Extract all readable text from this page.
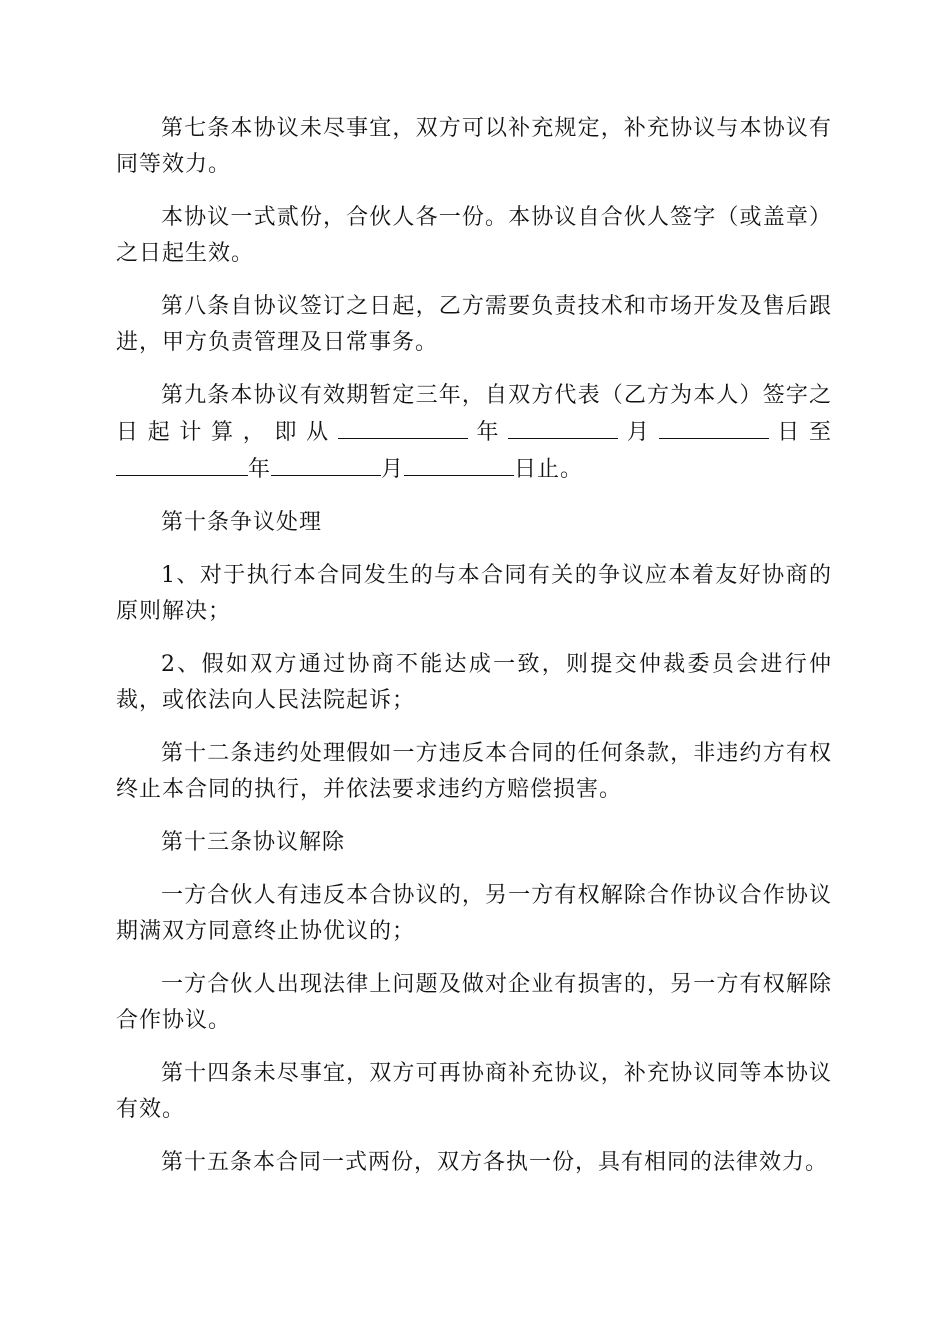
第七条本协议未尽事宜，双方可以补充规定，补充协议与本协议有同等效力。

本协议一式贰份，合伙人各一份。本协议自合伙人签字（或盖章）之日起生效。

第八条自协议签订之日起，乙方需要负责技术和市场开发及售后跟进，甲方负责管理及日常事务。

第九条本协议有效期暂定三年，自双方代表（乙方为本人）签字之日起计算，即从	年	月	日至年	月	日止。

第十条争议处理

1、对于执行本合同发生的与本合同有关的争议应本着友好协商的原则解决；

2、假如双方通过协商不能达成一致，则提交仲裁委员会进行仲裁，或依法向人民法院起诉；

第十二条违约处理假如一方违反本合同的任何条款，非违约方有权终止本合同的执行，并依法要求违约方赔偿损害。

第十三条协议解除

一方合伙人有违反本合协议的，另一方有权解除合作协议合作协议期满双方同意终止协优议的；

一方合伙人出现法律上问题及做对企业有损害的，另一方有权解除合作协议。

第十四条未尽事宜，双方可再协商补充协议，补充协议同等本协议有效。

第十五条本合同一式两份，双方各执一份，具有相同的法律效力。
